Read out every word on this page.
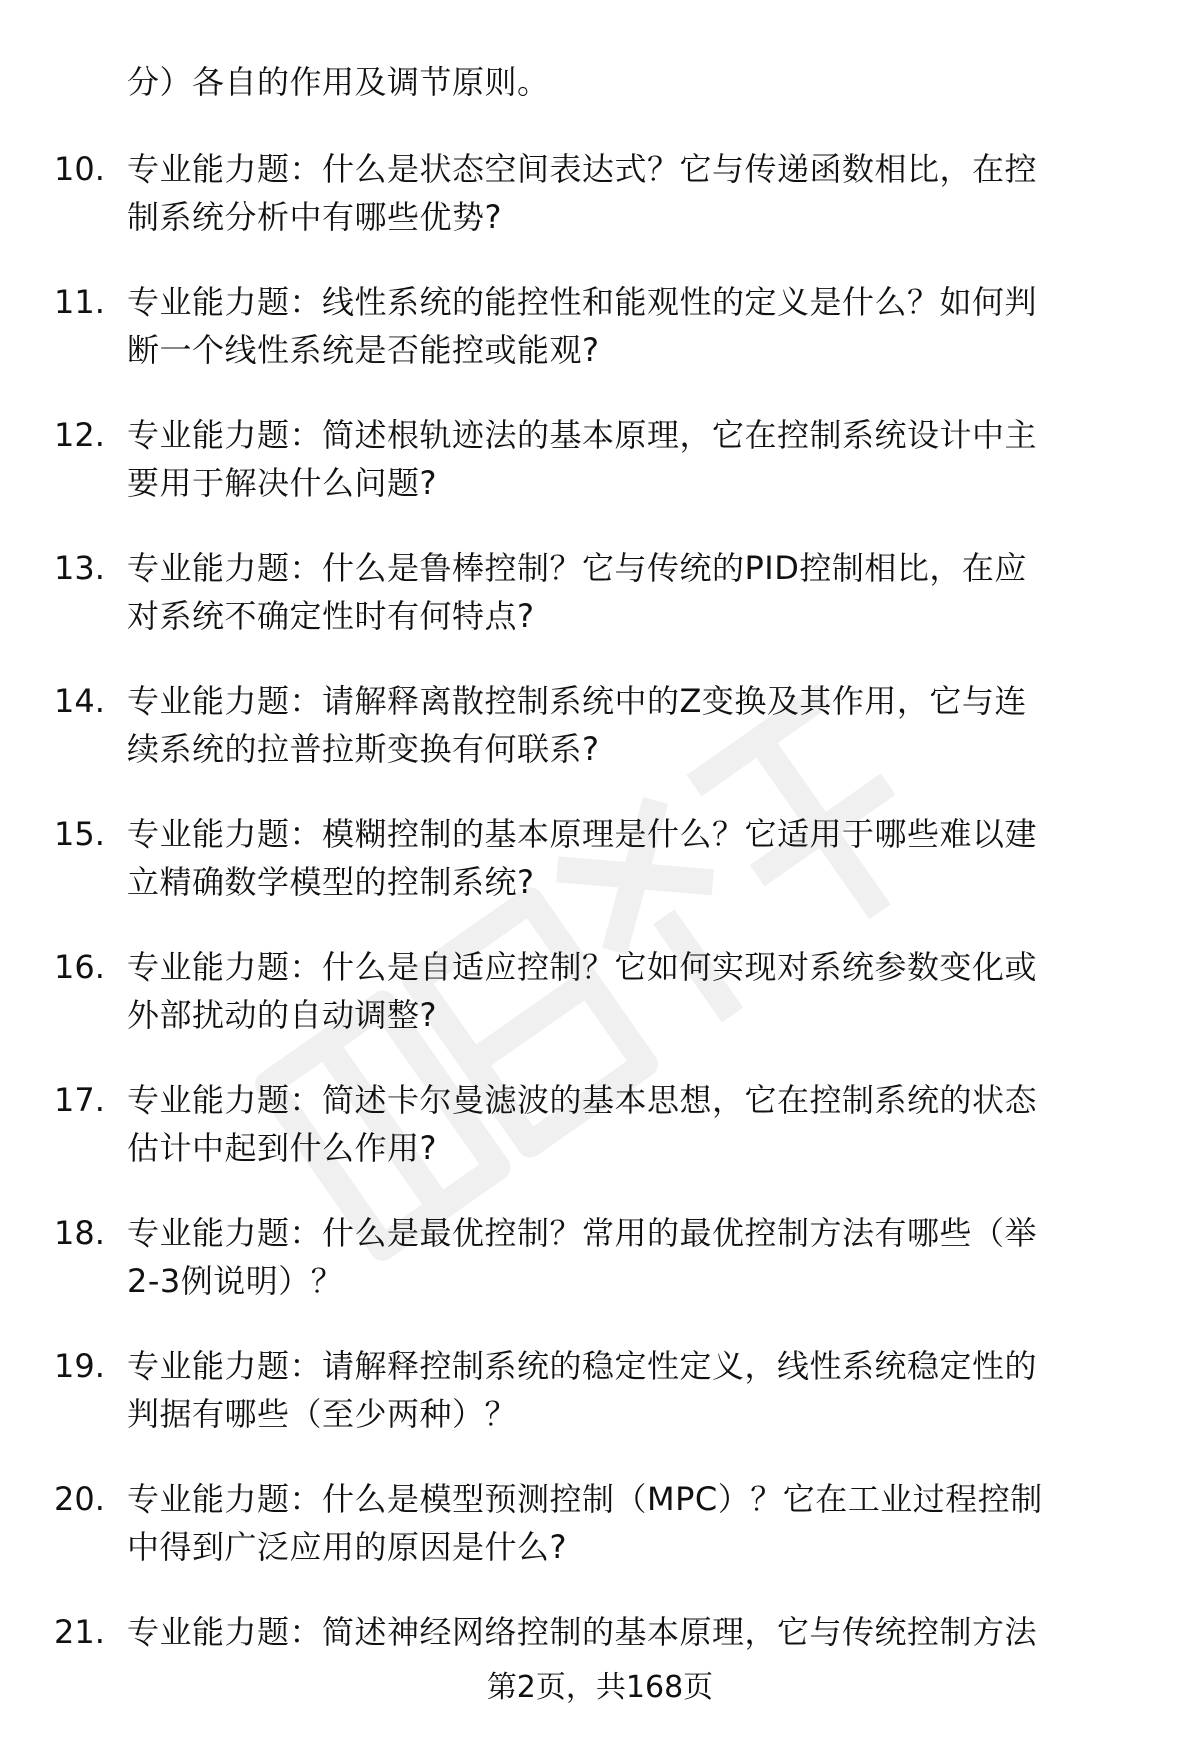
分）各自的作用及调节原则。
10. 专业能力题：什么是状态空间表达式？它与传递函数相比，在控
制系统分析中有哪些优势?
11. 专业能力题：线性系统的能控性和能观性的定义是什么？如何判
断一个线性系统是否能控或能观?
12. 专业能力题：简述根轨迹法的基本原理，它在控制系统设计中主
要用于解决什么问题?
13. 专业能力题：什么是鲁棒控制？它与传统的PID控制相比，在应
对系统不确定性时有何特点?
14. 专业能力题：请解释离散控制系统中的Z变换及其作用，它与连
续系统的拉普拉斯变换有何联系?
15. 专业能力题：模糊控制的基本原理是什么？它适用于哪些难以建
立精确数学模型的控制系统?
16. 专业能力题：什么是自适应控制？它如何实现对系统参数变化或
外部扰动的自动调整?
17. 专业能力题：简述卡尔曼滤波的基本思想，它在控制系统的状态
估计中起到什么作用?
18. 专业能力题：什么是最优控制？常用的最优控制方法有哪些（举
2-3例说明）？
19. 专业能力题：请解释控制系统的稳定性定义，线性系统稳定性的
判据有哪些（至少两种）？
20. 专业能力题：什么是模型预测控制（MPC）？它在工业过程控制
中得到广泛应用的原因是什么?
21. 专业能力题：简述神经网络控制的基本原理，它与传统控制方法
第2页，共168页
